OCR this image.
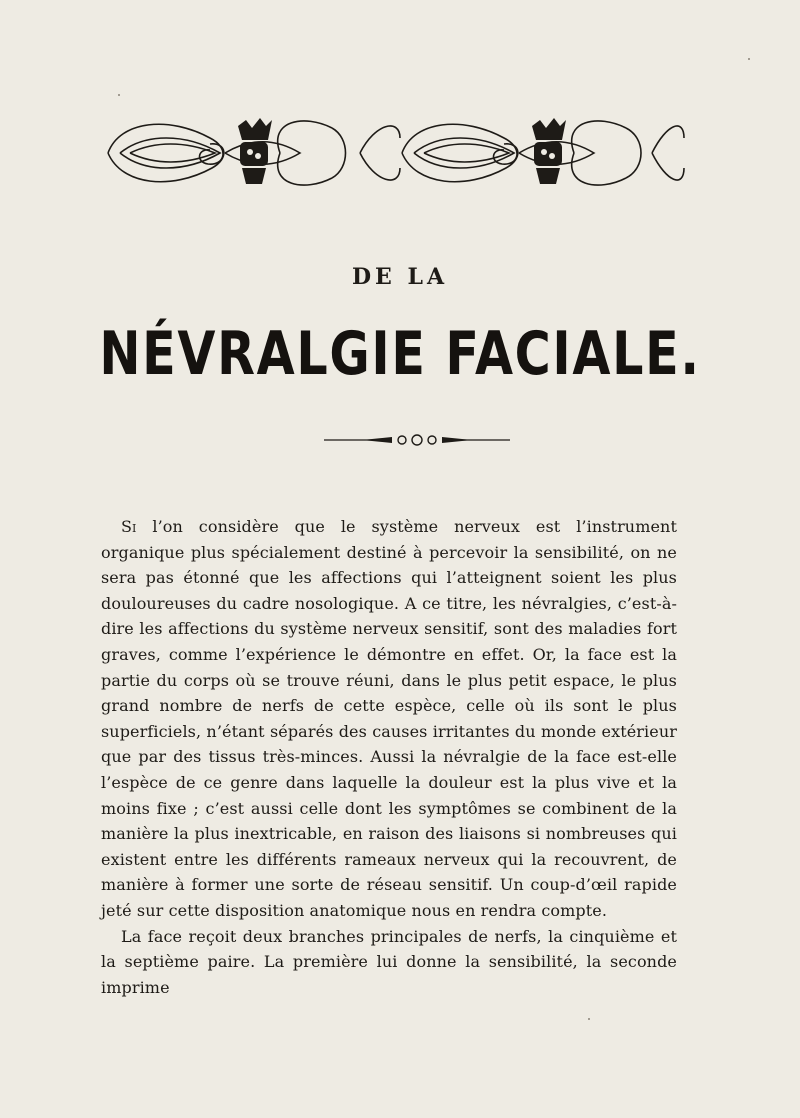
DE LA
NÉVRALGIE FACIALE.

Si l’on considère que le système nerveux est l’instrument organique plus spécialement destiné à percevoir la sensibilité, on ne sera pas étonné que les affections qui l’atteignent soient les plus douloureuses du cadre nosologique. A ce titre, les névralgies, c’est-à-dire les affections du système nerveux sensitif, sont des maladies fort graves, comme l’expérience le démontre en effet. Or, la face est la partie du corps où se trouve réuni, dans le plus petit espace, le plus grand nombre de nerfs de cette espèce, celle où ils sont le plus superficiels, n’étant séparés des causes irritantes du monde extérieur que par des tissus très-minces. Aussi la névralgie de la face est-elle l’espèce de ce genre dans laquelle la douleur est la plus vive et la moins fixe ; c’est aussi celle dont les symptômes se combinent de la manière la plus inextricable, en raison des liaisons si nombreuses qui existent entre les différents rameaux nerveux qui la recouvrent, de manière à former une sorte de réseau sensitif. Un coup-d’œil rapide jeté sur cette disposition anatomique nous en rendra compte.

La face reçoit deux branches principales de nerfs, la cinquième et la septième paire. La première lui donne la sensibilité, la seconde imprime
